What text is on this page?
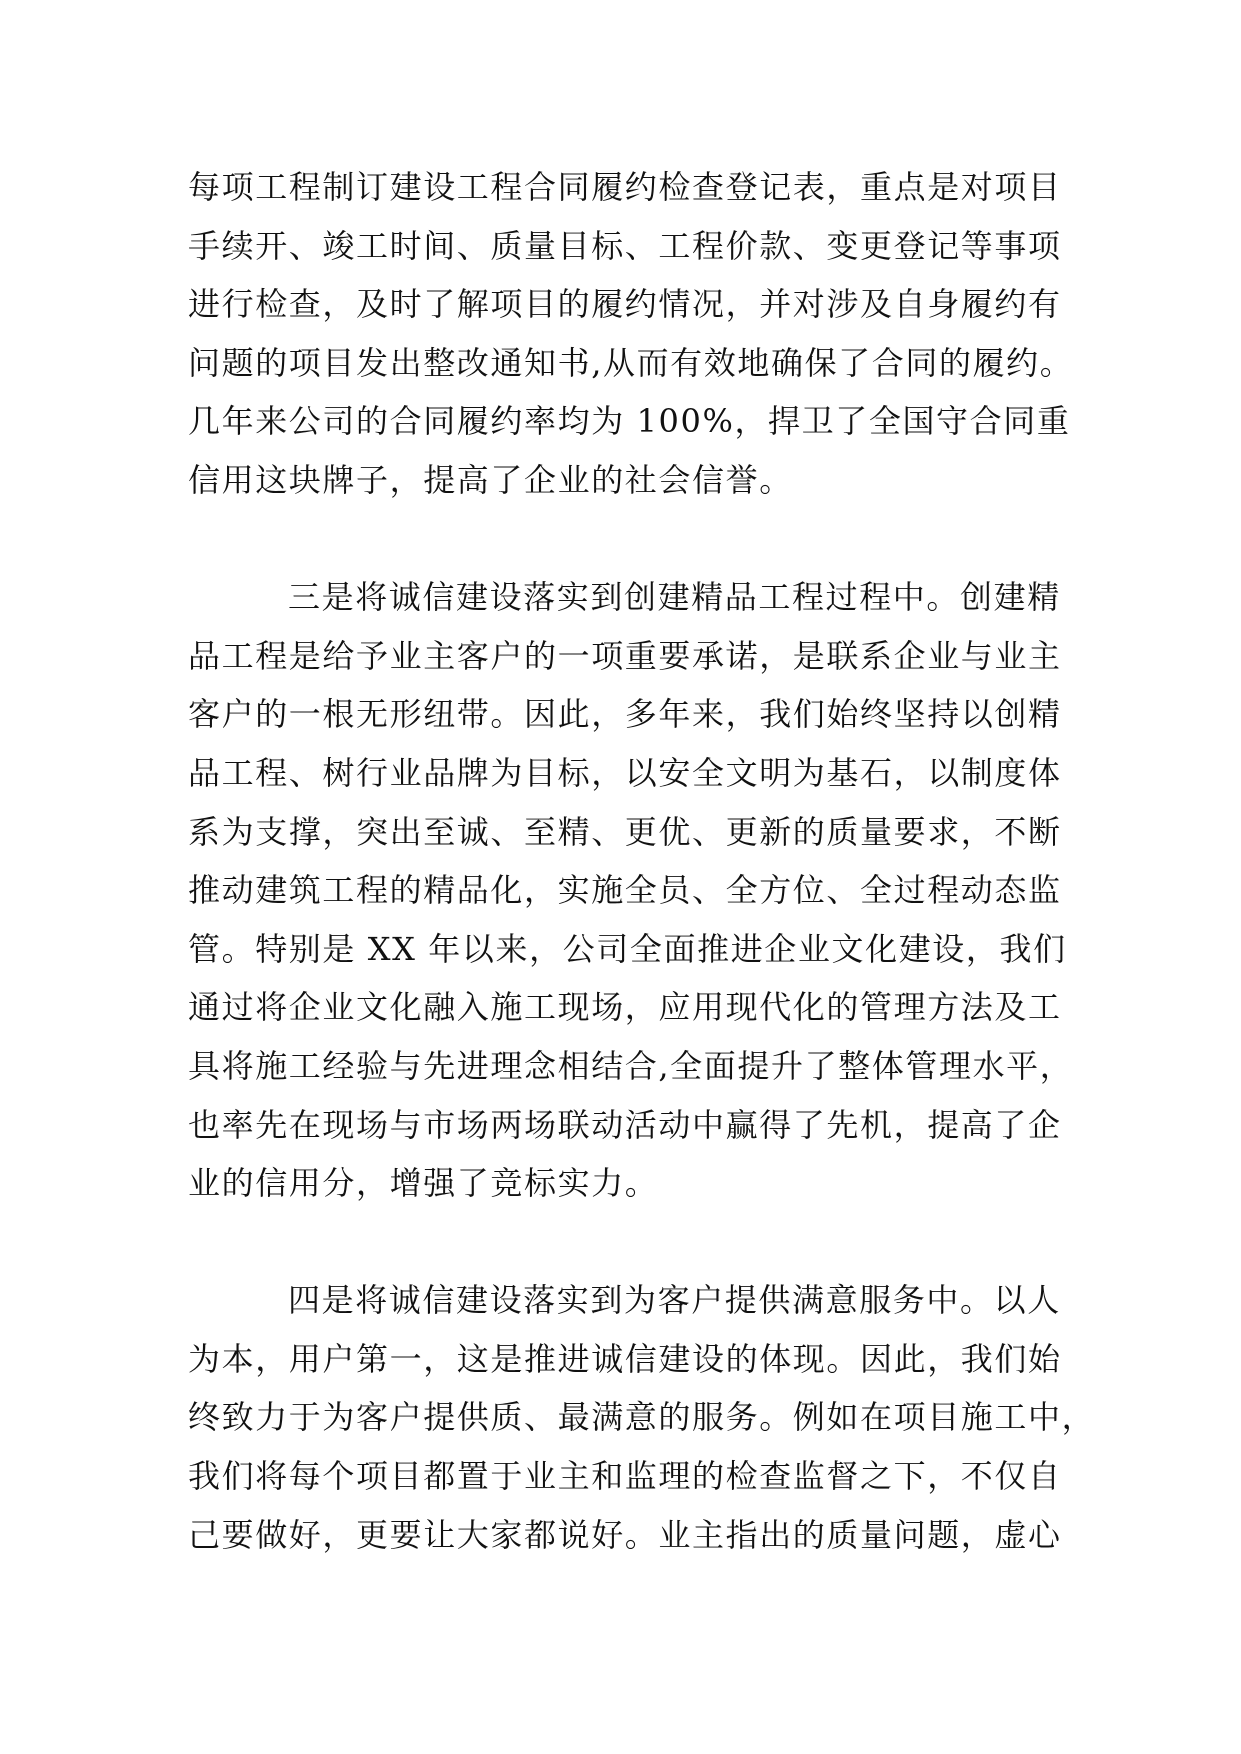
每项工程制订建设工程合同履约检查登记表，重点是对项目
手续开、竣工时间、质量目标、工程价款、变更登记等事项
进行检查，及时了解项目的履约情况，并对涉及自身履约有
问题的项目发出整改通知书,从而有效地确保了合同的履约。
几年来公司的合同履约率均为 100%，捍卫了全国守合同重
信用这块牌子，提高了企业的社会信誉。

三是将诚信建设落实到创建精品工程过程中。创建精
品工程是给予业主客户的一项重要承诺，是联系企业与业主
客户的一根无形纽带。因此，多年来，我们始终坚持以创精
品工程、树行业品牌为目标，以安全文明为基石，以制度体
系为支撑，突出至诚、至精、更优、更新的质量要求，不断
推动建筑工程的精品化，实施全员、全方位、全过程动态监
管。特别是 XX 年以来，公司全面推进企业文化建设，我们
通过将企业文化融入施工现场，应用现代化的管理方法及工
具将施工经验与先进理念相结合,全面提升了整体管理水平，
也率先在现场与市场两场联动活动中赢得了先机，提高了企
业的信用分，增强了竞标实力。

四是将诚信建设落实到为客户提供满意服务中。以人
为本，用户第一，这是推进诚信建设的体现。因此，我们始
终致力于为客户提供质、最满意的服务。例如在项目施工中，
我们将每个项目都置于业主和监理的检查监督之下，不仅自
己要做好，更要让大家都说好。业主指出的质量问题，虚心
